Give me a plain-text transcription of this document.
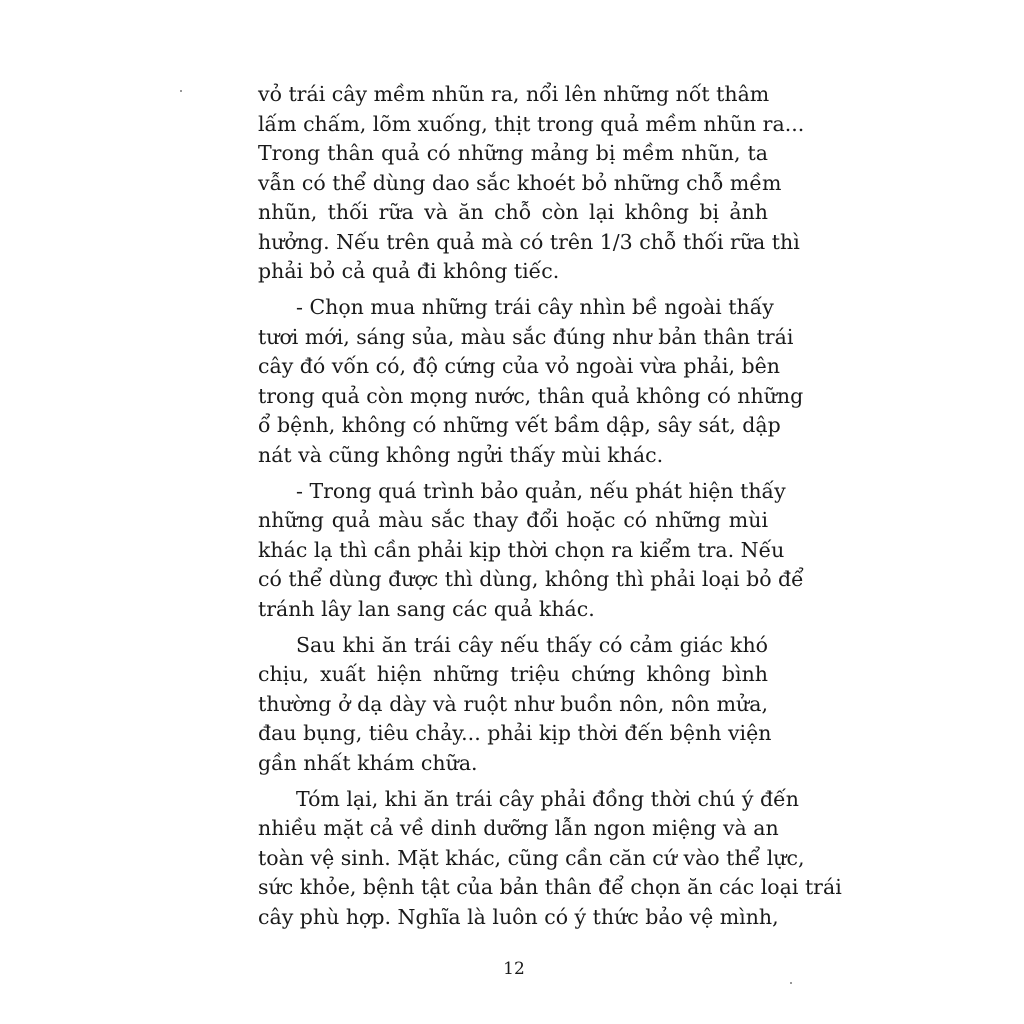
vỏ trái cây mềm nhũn ra, nổi lên những nốt thâm
lấm chấm, lõm xuống, thịt trong quả mềm nhũn ra...
Trong thân quả có những mảng bị mềm nhũn, ta
vẫn có thể dùng dao sắc khoét bỏ những chỗ mềm
nhũn, thối rữa và ăn chỗ còn lại không bị ảnh
hưởng. Nếu trên quả mà có trên 1/3 chỗ thối rữa thì
phải bỏ cả quả đi không tiếc.
- Chọn mua những trái cây nhìn bề ngoài thấy
tươi mới, sáng sủa, màu sắc đúng như bản thân trái
cây đó vốn có, độ cứng của vỏ ngoài vừa phải, bên
trong quả còn mọng nước, thân quả không có những
ổ bệnh, không có những vết bầm dập, sây sát, dập
nát và cũng không ngửi thấy mùi khác.
- Trong quá trình bảo quản, nếu phát hiện thấy
những quả màu sắc thay đổi hoặc có những mùi
khác lạ thì cần phải kịp thời chọn ra kiểm tra. Nếu
có thể dùng được thì dùng, không thì phải loại bỏ để
tránh lây lan sang các quả khác.
Sau khi ăn trái cây nếu thấy có cảm giác khó
chịu, xuất hiện những triệu chứng không bình
thường ở dạ dày và ruột như buồn nôn, nôn mửa,
đau bụng, tiêu chảy... phải kịp thời đến bệnh viện
gần nhất khám chữa.
Tóm lại, khi ăn trái cây phải đồng thời chú ý đến
nhiều mặt cả về dinh dưỡng lẫn ngon miệng và an
toàn vệ sinh. Mặt khác, cũng cần căn cứ vào thể lực,
sức khỏe, bệnh tật của bản thân để chọn ăn các loại trái
cây phù hợp. Nghĩa là luôn có ý thức bảo vệ mình,
12
